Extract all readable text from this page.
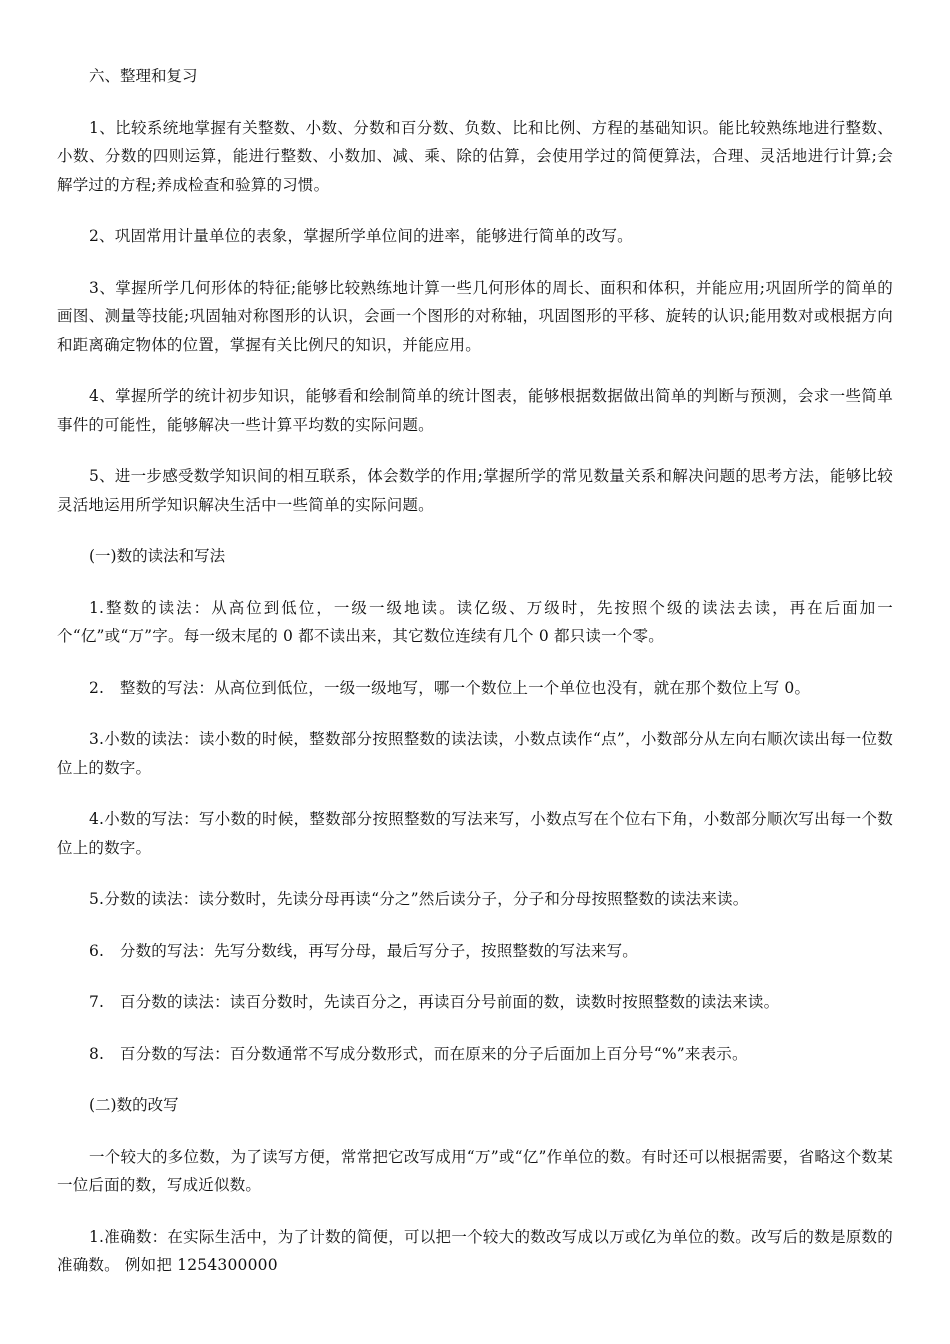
六、整理和复习

1、比较系统地掌握有关整数、小数、分数和百分数、负数、比和比例、方程的基础知识。能比较熟练地进行整数、小数、分数的四则运算，能进行整数、小数加、减、乘、除的估算，会使用学过的简便算法，合理、灵活地进行计算;会解学过的方程;养成检查和验算的习惯。

2、巩固常用计量单位的表象，掌握所学单位间的进率，能够进行简单的改写。

3、掌握所学几何形体的特征;能够比较熟练地计算一些几何形体的周长、面积和体积，并能应用;巩固所学的简单的画图、测量等技能;巩固轴对称图形的认识，会画一个图形的对称轴，巩固图形的平移、旋转的认识;能用数对或根据方向和距离确定物体的位置，掌握有关比例尺的知识，并能应用。

4、掌握所学的统计初步知识，能够看和绘制简单的统计图表，能够根据数据做出简单的判断与预测，会求一些简单事件的可能性，能够解决一些计算平均数的实际问题。

5、进一步感受数学知识间的相互联系，体会数学的作用;掌握所学的常见数量关系和解决问题的思考方法，能够比较灵活地运用所学知识解决生活中一些简单的实际问题。

(一)数的读法和写法

1.整数的读法：从高位到低位，一级一级地读。读亿级、万级时，先按照个级的读法去读，再在后面加一个“亿”或“万”字。每一级末尾的 0 都不读出来，其它数位连续有几个 0 都只读一个零。

2.　整数的写法：从高位到低位，一级一级地写，哪一个数位上一个单位也没有，就在那个数位上写 0。

3.小数的读法：读小数的时候，整数部分按照整数的读法读，小数点读作“点”，小数部分从左向右顺次读出每一位数位上的数字。

4.小数的写法：写小数的时候，整数部分按照整数的写法来写，小数点写在个位右下角，小数部分顺次写出每一个数位上的数字。

5.分数的读法：读分数时，先读分母再读“分之”然后读分子，分子和分母按照整数的读法来读。

6.　分数的写法：先写分数线，再写分母，最后写分子，按照整数的写法来写。

7.　百分数的读法：读百分数时，先读百分之，再读百分号前面的数，读数时按照整数的读法来读。

8.　百分数的写法：百分数通常不写成分数形式，而在原来的分子后面加上百分号“%”来表示。

(二)数的改写

一个较大的多位数，为了读写方便，常常把它改写成用“万”或“亿”作单位的数。有时还可以根据需要，省略这个数某一位后面的数，写成近似数。

1.准确数：在实际生活中，为了计数的简便，可以把一个较大的数改写成以万或亿为单位的数。改写后的数是原数的准确数。 例如把 1254300000
